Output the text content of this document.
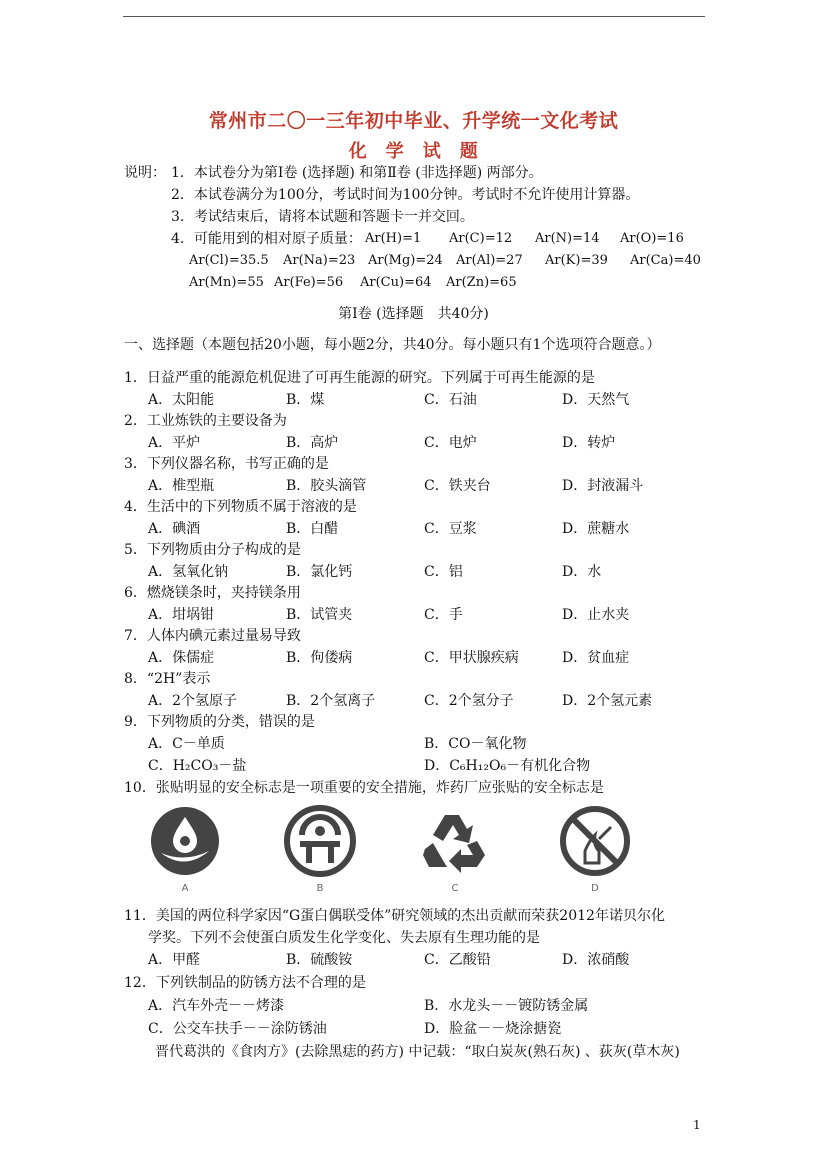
常州市二〇一三年初中毕业、升学统一文化考试
化　学　试　题
说明： 1．本试卷分为第Ⅰ卷 (选择题) 和第Ⅱ卷 (非选择题) 两部分。
2．本试卷满分为100分，考试时间为100分钟。考试时不允许使用计算器。
3．考试结束后，请将本试题和答题卡一并交回。
4．可能用到的相对原子质量： Ar(H)=1 Ar(C)=12 Ar(N)=14 Ar(O)=16
Ar(Cl)=35.5 Ar(Na)=23 Ar(Mg)=24 Ar(Al)=27 Ar(K)=39 Ar(Ca)=40
Ar(Mn)=55 Ar(Fe)=56 Ar(Cu)=64 Ar(Zn)=65
第Ⅰ卷 (选择题　共40分)
一、选择题（本题包括20小题，每小题2分，共40分。每小题只有1个选项符合题意。）
1．日益严重的能源危机促进了可再生能源的研究。下列属于可再生能源的是
A．太阳能	B．煤	C．石油	D．天然气
2．工业炼铁的主要设备为
A．平炉	B．高炉	C．电炉	D．转炉
3．下列仪器名称，书写正确的是
A．椎型瓶	B．胶头滴管	C．铁夹台	D．封液漏斗
4．生活中的下列物质不属于溶液的是
A．碘酒	B．白醋	C．豆浆	D．蔗糖水
5．下列物质由分子构成的是
A．氢氧化钠	B．氯化钙	C．铝	D．水
6．燃烧镁条时，夹持镁条用
A．坩埚钳	B．试管夹	C．手	D．止水夹
7．人体内碘元素过量易导致
A．侏儒症	B．佝偻病	C．甲状腺疾病	D．贫血症
8．“2H”表示
A．2个氢原子	B．2个氢离子	C．2个氢分子	D．2个氢元素
9．下列物质的分类，错误的是
A．C－单质	B．CO－氧化物
C．H₂CO₃－盐	D．C₆H₁₂O₆－有机化合物
10．张贴明显的安全标志是一项重要的安全措施，炸药厂应张贴的安全标志是
A	B	C	D
11．美国的两位科学家因“G蛋白偶联受体”研究领域的杰出贡献而荣获2012年诺贝尔化
学奖。下列不会使蛋白质发生化学变化、失去原有生理功能的是
A．甲醛	B．硫酸铵	C．乙酸铅	D．浓硝酸
12．下列铁制品的防锈方法不合理的是
A．汽车外壳－－烤漆	B．水龙头－－镀防锈金属
C．公交车扶手－－涂防锈油	D．脸盆－－烧涂搪瓷
晋代葛洪的《食肉方》(去除黑痣的药方) 中记载：“取白炭灰(熟石灰) 、荻灰(草木灰)
1
